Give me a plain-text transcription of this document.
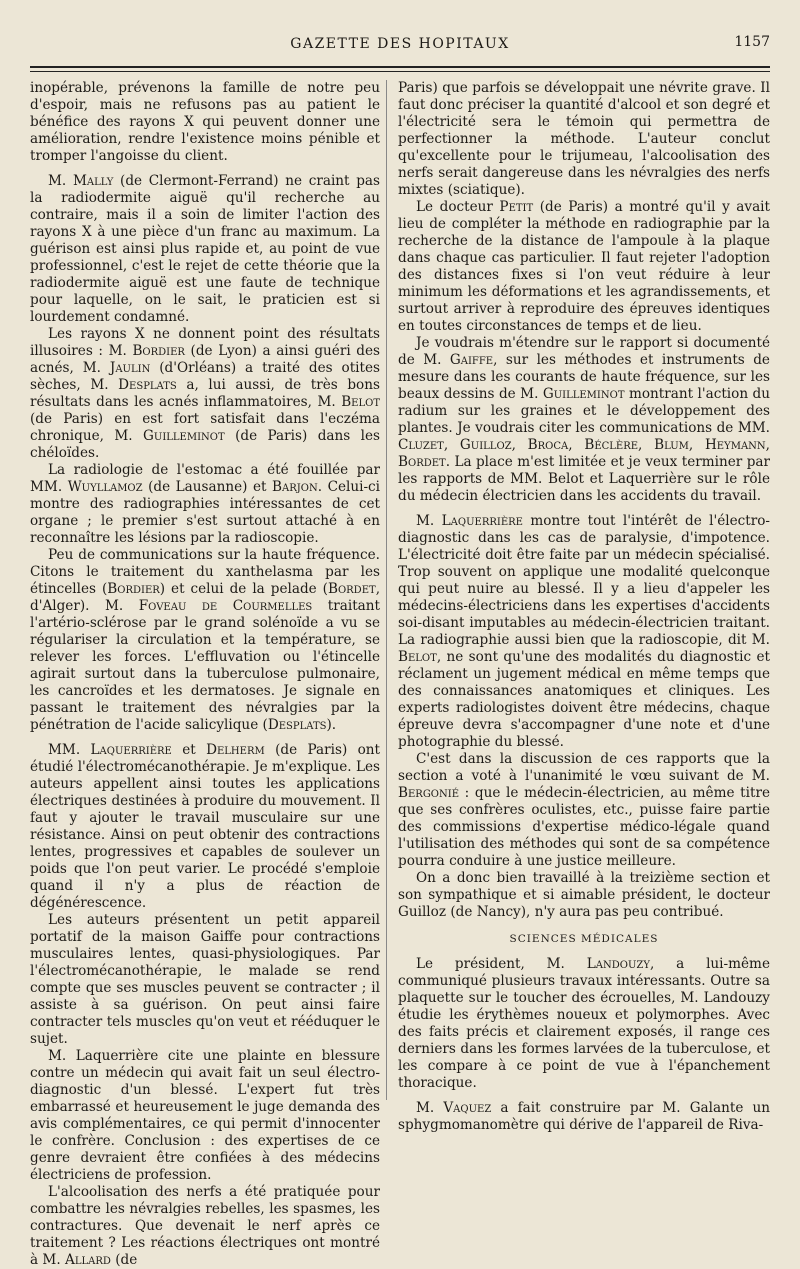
GAZETTE DES HOPITAUX	1157

inopérable, prévenons la famille de notre peu d'espoir, mais ne refusons pas au patient le bénéfice des rayons X qui peuvent donner une amélioration, rendre l'existence moins pénible et tromper l'angoisse du client.

M. Mally (de Clermont-Ferrand) ne craint pas la radiodermite aiguë qu'il recherche au contraire, mais il a soin de limiter l'action des rayons X à une pièce d'un franc au maximum. La guérison est ainsi plus rapide et, au point de vue professionnel, c'est le rejet de cette théorie que la radiodermite aiguë est une faute de technique pour laquelle, on le sait, le praticien est si lourdement condamné.

Les rayons X ne donnent point des résultats illusoires : M. Bordier (de Lyon) a ainsi guéri des acnés, M. Jaulin (d'Orléans) a traité des otites sèches, M. Desplats a, lui aussi, de très bons résultats dans les acnés inflammatoires, M. Belot (de Paris) en est fort satisfait dans l'eczéma chronique, M. Guilleminot (de Paris) dans les chéloïdes.

La radiologie de l'estomac a été fouillée par MM. Wuyllamoz (de Lausanne) et Barjon. Celui-ci montre des radiographies intéressantes de cet organe ; le premier s'est surtout attaché à en reconnaître les lésions par la radioscopie.

Peu de communications sur la haute fréquence. Citons le traitement du xanthelasma par les étincelles (Bordier) et celui de la pelade (Bordet, d'Alger). M. Foveau de Courmelles traitant l'artério-sclérose par le grand solénoïde a vu se régulariser la circulation et la température, se relever les forces. L'effluvation ou l'étincelle agirait surtout dans la tuberculose pulmonaire, les cancroïdes et les dermatoses. Je signale en passant le traitement des névralgies par la pénétration de l'acide salicylique (Desplats).

MM. Laquerrière et Delherm (de Paris) ont étudié l'électromécanothérapie. Je m'explique. Les auteurs appellent ainsi toutes les applications électriques destinées à produire du mouvement. Il faut y ajouter le travail musculaire sur une résistance. Ainsi on peut obtenir des contractions lentes, progressives et capables de soulever un poids que l'on peut varier. Le procédé s'emploie quand il n'y a plus de réaction de dégénérescence.

Les auteurs présentent un petit appareil portatif de la maison Gaiffe pour contractions musculaires lentes, quasi-physiologiques. Par l'électromécanothérapie, le malade se rend compte que ses muscles peuvent se contracter ; il assiste à sa guérison. On peut ainsi faire contracter tels muscles qu'on veut et rééduquer le sujet.

M. Laquerrière cite une plainte en blessure contre un médecin qui avait fait un seul électro-diagnostic d'un blessé. L'expert fut très embarrassé et heureusement le juge demanda des avis complémentaires, ce qui permit d'innocenter le confrère. Conclusion : des expertises de ce genre devraient être confiées à des médecins électriciens de profession.

L'alcoolisation des nerfs a été pratiquée pour combattre les névralgies rebelles, les spasmes, les contractures. Que devenait le nerf après ce traitement ? Les réactions électriques ont montré à M. Allard (de

Paris) que parfois se développait une névrite grave. Il faut donc préciser la quantité d'alcool et son degré et l'électricité sera le témoin qui permettra de perfectionner la méthode. L'auteur conclut qu'excellente pour le trijumeau, l'alcoolisation des nerfs serait dangereuse dans les névralgies des nerfs mixtes (sciatique).

Le docteur Petit (de Paris) a montré qu'il y avait lieu de compléter la méthode en radiographie par la recherche de la distance de l'ampoule à la plaque dans chaque cas particulier. Il faut rejeter l'adoption des distances fixes si l'on veut réduire à leur minimum les déformations et les agrandissements, et surtout arriver à reproduire des épreuves identiques en toutes circonstances de temps et de lieu.

Je voudrais m'étendre sur le rapport si documenté de M. Gaiffe, sur les méthodes et instruments de mesure dans les courants de haute fréquence, sur les beaux dessins de M. Guilleminot montrant l'action du radium sur les graines et le développement des plantes. Je voudrais citer les communications de MM. Cluzet, Guilloz, Broca, Béclère, Blum, Heymann, Bordet. La place m'est limitée et je veux terminer par les rapports de MM. Belot et Laquerrière sur le rôle du médecin électricien dans les accidents du travail.

M. Laquerrière montre tout l'intérêt de l'électro-diagnostic dans les cas de paralysie, d'impotence. L'électricité doit être faite par un médecin spécialisé. Trop souvent on applique une modalité quelconque qui peut nuire au blessé. Il y a lieu d'appeler les médecins-électriciens dans les expertises d'accidents soi-disant imputables au médecin-électricien traitant. La radiographie aussi bien que la radioscopie, dit M. Belot, ne sont qu'une des modalités du diagnostic et réclament un jugement médical en même temps que des connaissances anatomiques et cliniques. Les experts radiologistes doivent être médecins, chaque épreuve devra s'accompagner d'une note et d'une photographie du blessé.

C'est dans la discussion de ces rapports que la section a voté à l'unanimité le vœu suivant de M. Bergonié : que le médecin-électricien, au même titre que ses confrères oculistes, etc., puisse faire partie des commissions d'expertise médico-légale quand l'utilisation des méthodes qui sont de sa compétence pourra conduire à une justice meilleure.

On a donc bien travaillé à la treizième section et son sympathique et si aimable président, le docteur Guilloz (de Nancy), n'y aura pas peu contribué.

SCIENCES MÉDICALES

Le président, M. Landouzy, a lui-même communiqué plusieurs travaux intéressants. Outre sa plaquette sur le toucher des écrouelles, M. Landouzy étudie les érythèmes noueux et polymorphes. Avec des faits précis et clairement exposés, il range ces derniers dans les formes larvées de la tuberculose, et les compare à ce point de vue à l'épanchement thoracique.

M. Vaquez a fait construire par M. Galante un sphygmomanomètre qui dérive de l'appareil de Riva-
